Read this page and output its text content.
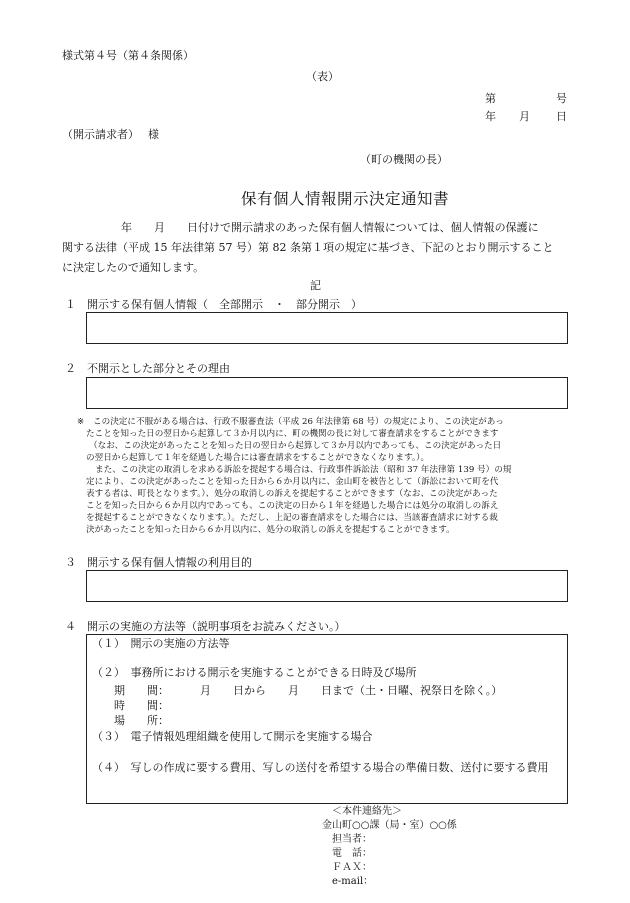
様式第４号（第４条関係）
（表）
第	号
年 月 日
（開示請求者）　 様
（町の機関の長）
保有個人情報開示決定通知書
年　　月　　日付けで開示請求のあった保有個人情報については、個人情報の保護に
関する法律（平成 15 年法律第 57 号）第 82 条第１項の規定に基づき、下記のとおり開示すること
に決定したので通知します。
記
１ 開示する保有個人情報（　全部開示　・　部分開示　）
２ 不開示とした部分とその理由
※ この決定に不服がある場合は、行政不服審査法（平成 26 年法律第 68 号）の規定により、この決定があっ
たことを知った日の翌日から起算して３か月以内に、町の機関の長に対して審査請求をすることができます
（なお、この決定があったことを知った日の翌日から起算して３か月以内であっても、この決定があった日
の翌日から起算して１年を経過した場合には審査請求をすることができなくなります。）。
また、この決定の取消しを求める訴訟を提起する場合は、行政事件訴訟法（昭和 37 年法律第 139 号）の規
定により、この決定があったことを知った日から６か月以内に、金山町を被告として（訴訟において町を代
表する者は、町長となります。）、処分の取消しの訴えを提起することができます（なお、この決定があった
ことを知った日から６か月以内であっても、この決定の日から１年を経過した場合には処分の取消しの訴え
を提起することができなくなります。）。ただし、上記の審査請求をした場合には、当該審査請求に対する裁
決があったことを知った日から６か月以内に、処分の取消しの訴えを提起することができます。
３ 開示する保有個人情報の利用目的
４ 開示の実施の方法等（説明事項をお読みください。）
（１）　開示の実施の方法等
（２）　事務所における開示を実施することができる日時及び場所
期　　間：	月　　日から　　月　　日まで（土・日曜、祝祭日を除く。）
時　　間：
場　　所：
（３）　電子情報処理組織を使用して開示を実施する場合
（４）　写しの作成に要する費用、写しの送付を希望する場合の準備日数、送付に要する費用
＜本件連絡先＞
金山町○○課（局・室）○○係
担当者：
電　話：
ＦＡＸ：
e-mail：
